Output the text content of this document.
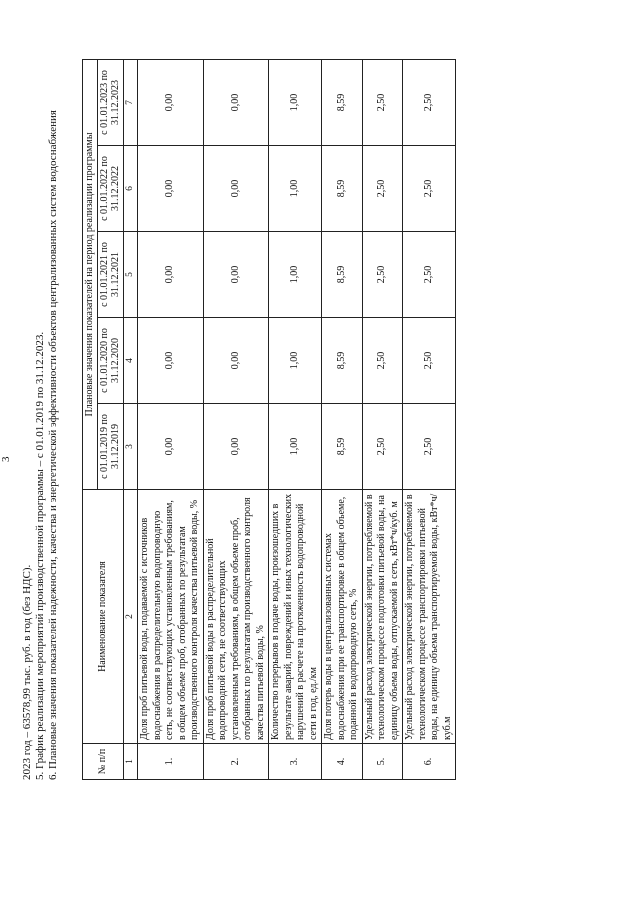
3
2023 год – 63578,99 тыс. руб. в год (без НДС). 5. График реализации мероприятий производственной программы – с 01.01.2019 по 31.12.2023. 6. Плановые значения показателей надежности, качества и энергетической эффективности объектов централизованных систем водоснабжения	№ п/п	Наименование показателя	Плановые значения показателей на период реализации программы				
		с 01.01.2019 по 31.12.2019	с 01.01.2020 по 31.12.2020	с 01.01.2021 по 31.12.2021	с 01.01.2022 по 31.12.2022	с 01.01.2023 по 31.12.2023
1	2	3	4	5	6	7
1.	Доля проб питьевой воды, подаваемой с источников водоснабжения в распределительную водопроводную сеть, не соответствующих установленным требованиям, в общем объеме проб, отобранных по результатам производственного контроля качества питьевой воды, %	0,00	0,00	0,00	0,00	0,00
2.	Доля проб питьевой воды в распределительной водопроводной сети, не соответствующих установленным требованиям, в общем объеме проб, отобранных по результатам производственного контроля качества питьевой воды, %	0,00	0,00	0,00	0,00	0,00
3.	Количество перерывов в подаче воды, произошедших в результате аварий, повреждений и иных технологических нарушений в расчете на протяженность водопроводной сети в год, ед./км	1,00	1,00	1,00	1,00	1,00
4.	Доля потерь воды в централизованных системах водоснабжения при ее транспортировке в общем объеме, поданной в водопроводную сеть, %	8,59	8,59	8,59	8,59	8,59
5.	Удельный расход электрической энергии, потребляемой в технологическом процессе подготовки питьевой воды, на единицу объема воды, отпускаемой в сеть, кВт*ч/куб. м	2,50	2,50	2,50	2,50	2,50
6.	Удельный расход электрической энергии, потребляемой в технологическом процессе транспортировки питьевой воды, на единицу объема транспортируемой воды, кВт*ч/куб.м	2,50	2,50	2,50	2,50	2,50
